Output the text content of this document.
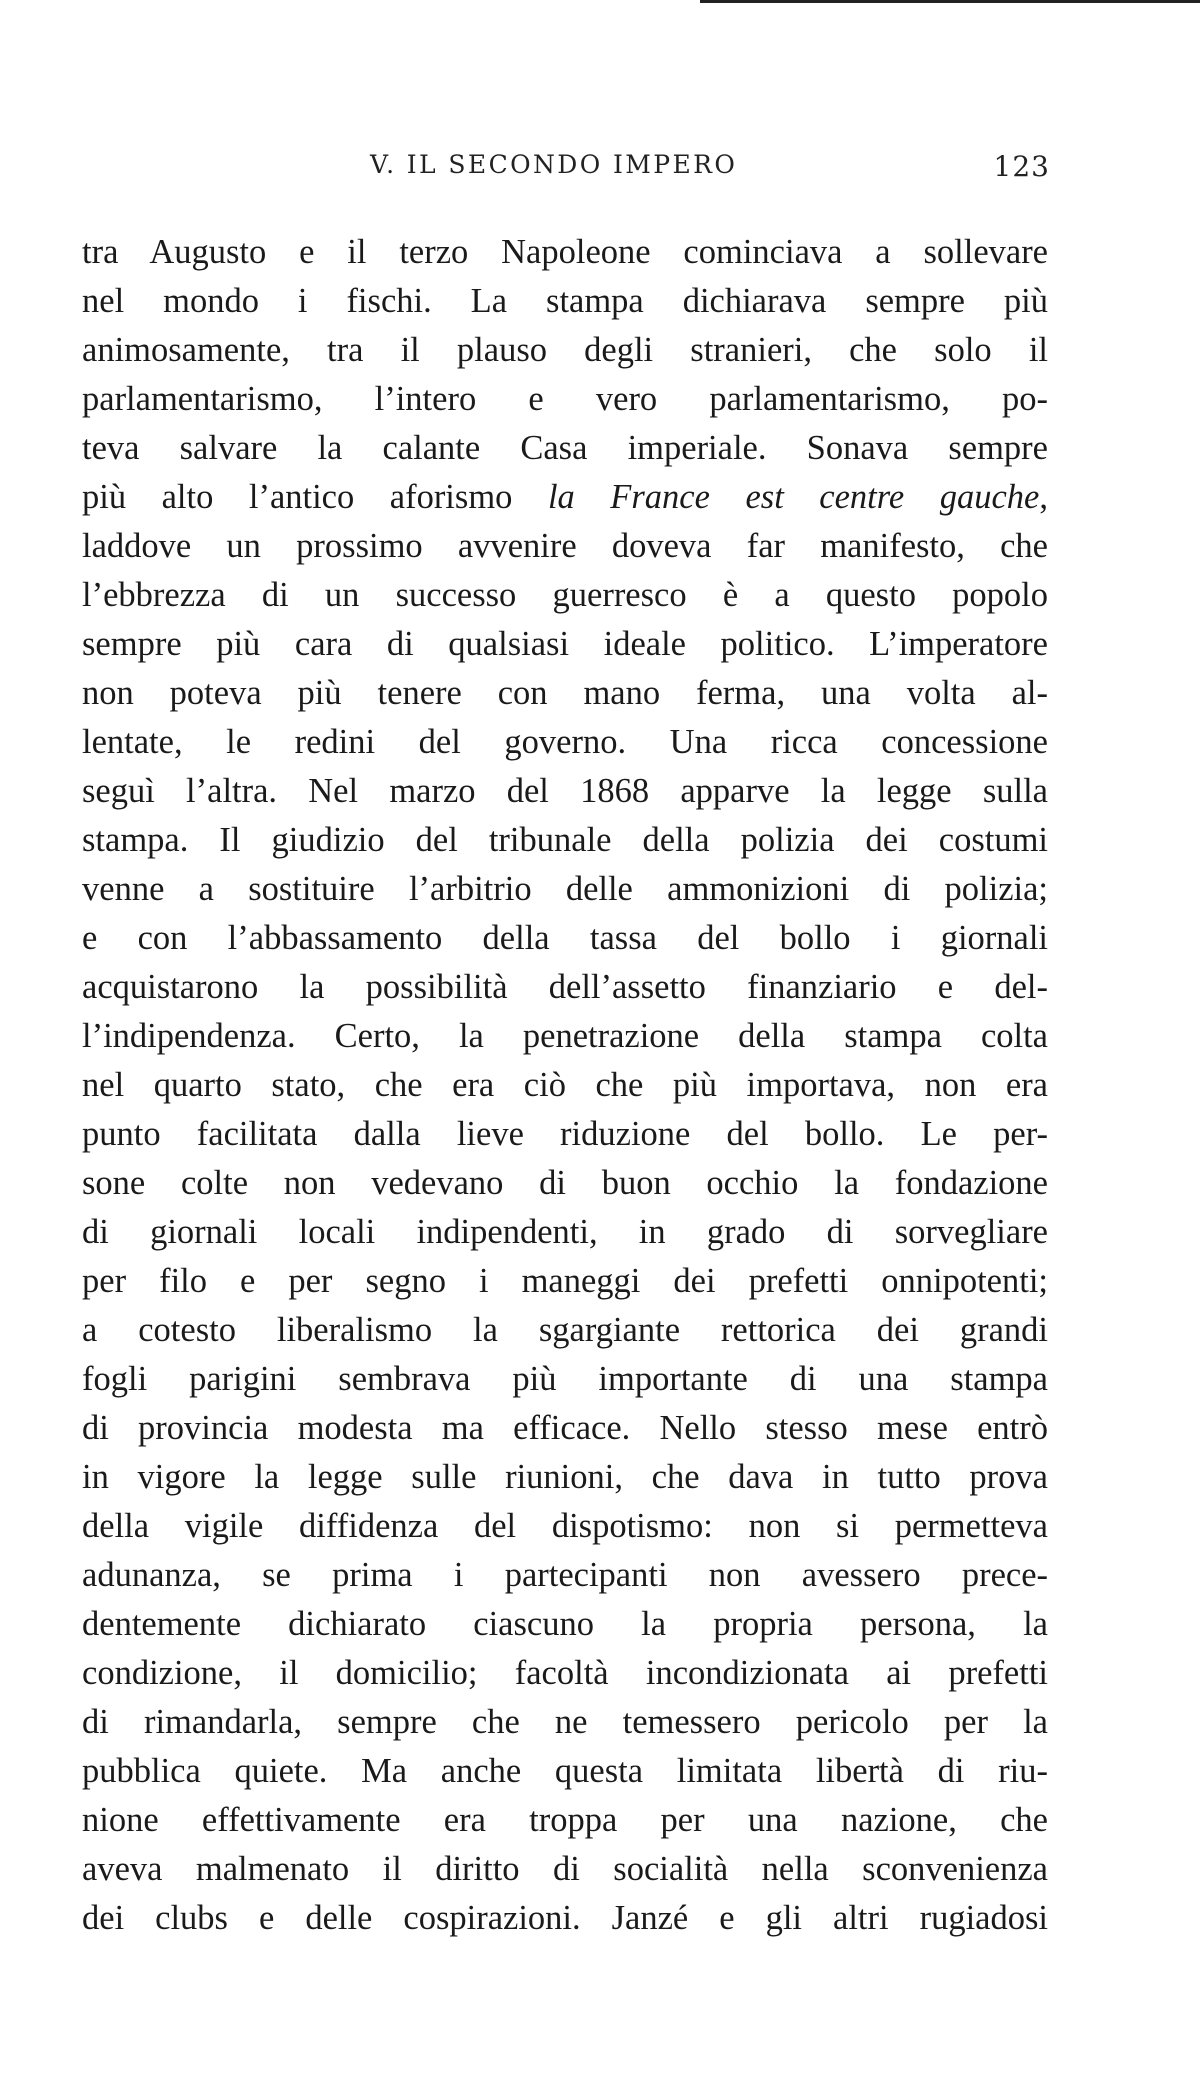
V. IL SECONDO IMPERO	123
tra Augusto e il terzo Napoleone cominciava a sollevare
nel mondo i fischi. La stampa dichiarava sempre più
animosamente, tra il plauso degli stranieri, che solo il
parlamentarismo, l’intero e vero parlamentarismo, po-
teva salvare la calante Casa imperiale. Sonava sempre
più alto l’antico aforismo la France est centre gauche,
laddove un prossimo avvenire doveva far manifesto, che
l’ebbrezza di un successo guerresco è a questo popolo
sempre più cara di qualsiasi ideale politico. L’imperatore
non poteva più tenere con mano ferma, una volta al-
lentate, le redini del governo. Una ricca concessione
seguì l’altra. Nel marzo del 1868 apparve la legge sulla
stampa. Il giudizio del tribunale della polizia dei costumi
venne a sostituire l’arbitrio delle ammonizioni di polizia;
e con l’abbassamento della tassa del bollo i giornali
acquistarono la possibilità dell’assetto finanziario e del-
l’indipendenza. Certo, la penetrazione della stampa colta
nel quarto stato, che era ciò che più importava, non era
punto facilitata dalla lieve riduzione del bollo. Le per-
sone colte non vedevano di buon occhio la fondazione
di giornali locali indipendenti, in grado di sorvegliare
per filo e per segno i maneggi dei prefetti onnipotenti;
a cotesto liberalismo la sgargiante rettorica dei grandi
fogli parigini sembrava più importante di una stampa
di provincia modesta ma efficace. Nello stesso mese entrò
in vigore la legge sulle riunioni, che dava in tutto prova
della vigile diffidenza del dispotismo: non si permetteva
adunanza, se prima i partecipanti non avessero prece-
dentemente dichiarato ciascuno la propria persona, la
condizione, il domicilio; facoltà incondizionata ai prefetti
di rimandarla, sempre che ne temessero pericolo per la
pubblica quiete. Ma anche questa limitata libertà di riu-
nione effettivamente era troppa per una nazione, che
aveva malmenato il diritto di socialità nella sconvenienza
dei clubs e delle cospirazioni. Janzé e gli altri rugiadosi
